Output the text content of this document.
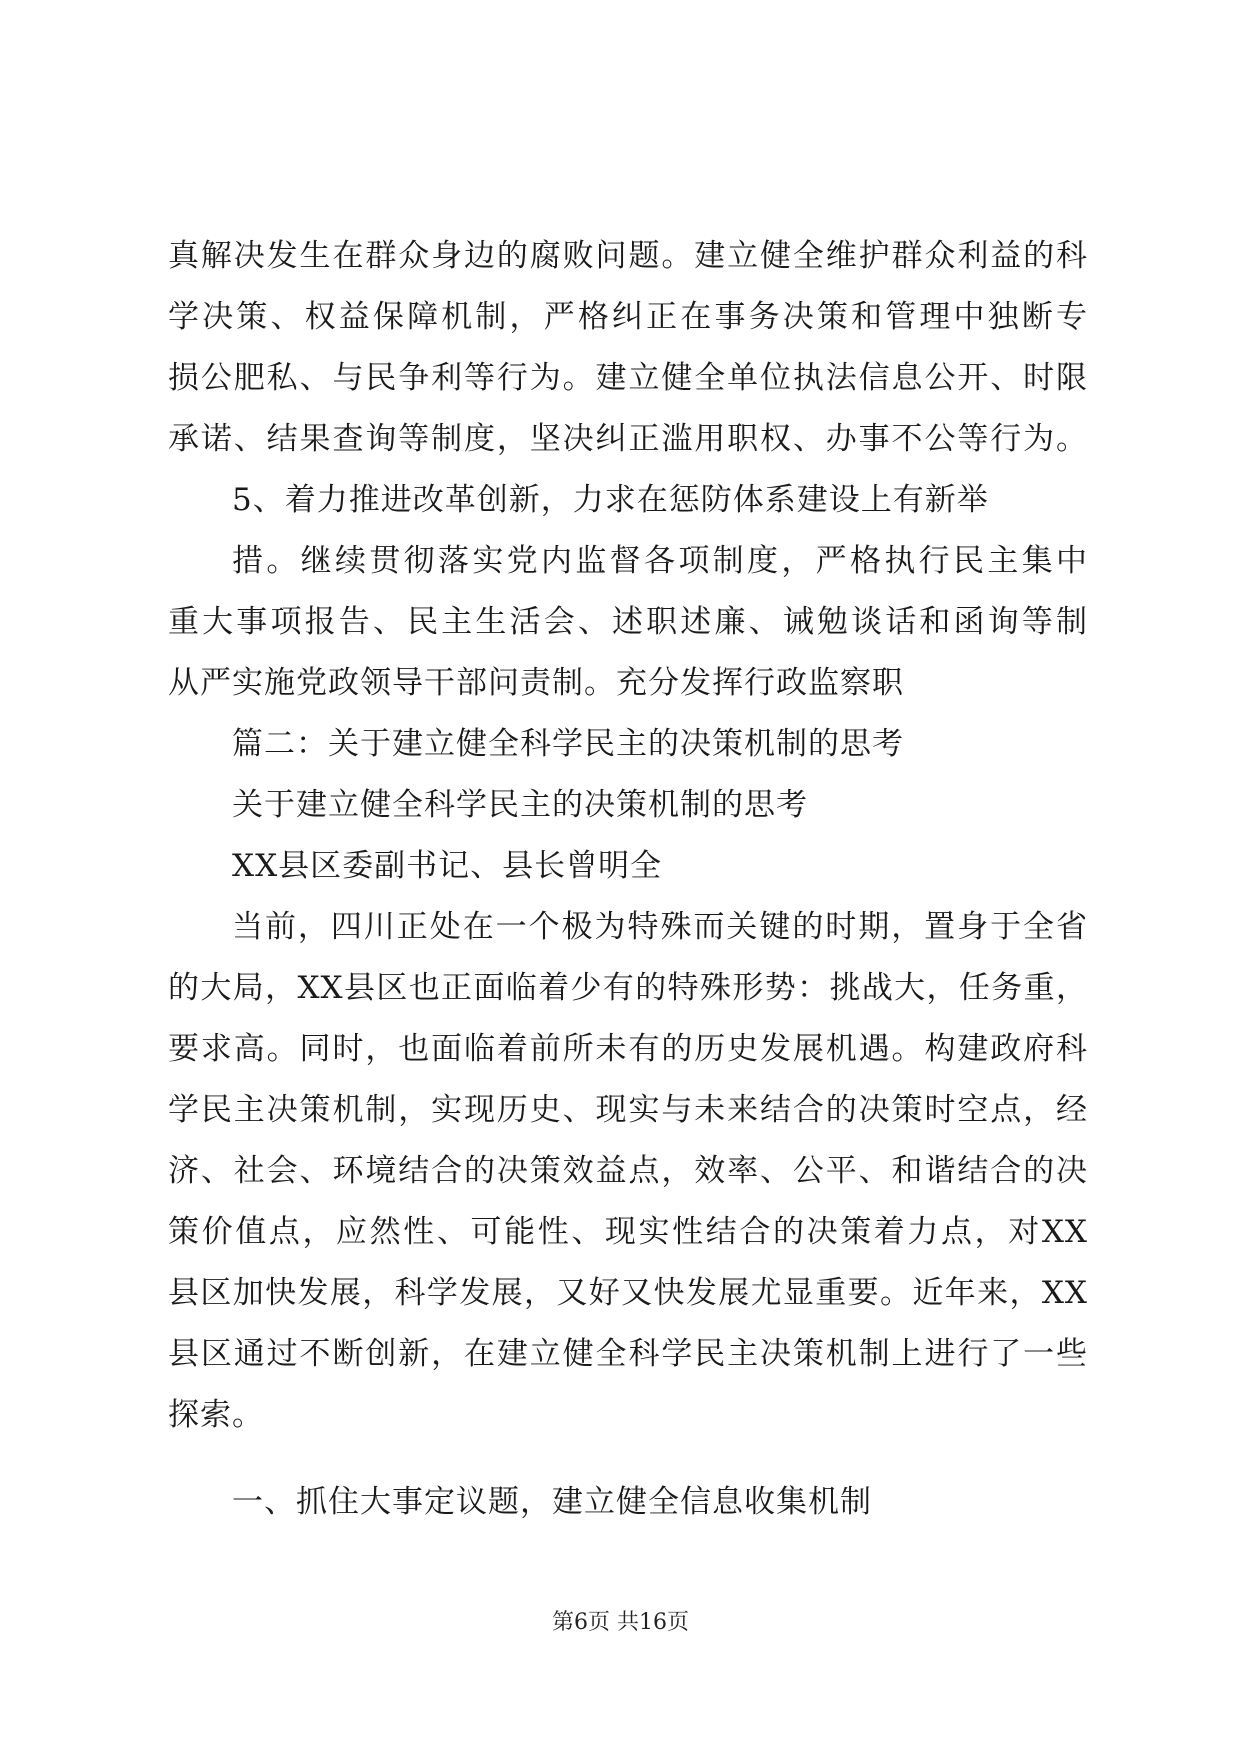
真解决发生在群众身边的腐败问题。建立健全维护群众利益的科
学决策、权益保障机制，严格纠正在事务决策和管理中独断专
损公肥私、与民争利等行为。建立健全单位执法信息公开、时限
承诺、结果查询等制度，坚决纠正滥用职权、办事不公等行为。
5、着力推进改革创新，力求在惩防体系建设上有新举
措。继续贯彻落实党内监督各项制度，严格执行民主集中
重大事项报告、民主生活会、述职述廉、诫勉谈话和函询等制
从严实施党政领导干部问责制。充分发挥行政监察职
篇二：关于建立健全科学民主的决策机制的思考
关于建立健全科学民主的决策机制的思考
XX县区委副书记、县长曾明全
当前，四川正处在一个极为特殊而关键的时期，置身于全省
的大局，XX县区也正面临着少有的特殊形势：挑战大，任务重，
要求高。同时，也面临着前所未有的历史发展机遇。构建政府科
学民主决策机制，实现历史、现实与未来结合的决策时空点，经
济、社会、环境结合的决策效益点，效率、公平、和谐结合的决
策价值点，应然性、可能性、现实性结合的决策着力点，对XX
县区加快发展，科学发展，又好又快发展尤显重要。近年来，XX
县区通过不断创新，在建立健全科学民主决策机制上进行了一些
探索。
一、抓住大事定议题，建立健全信息收集机制
第6页 共16页
